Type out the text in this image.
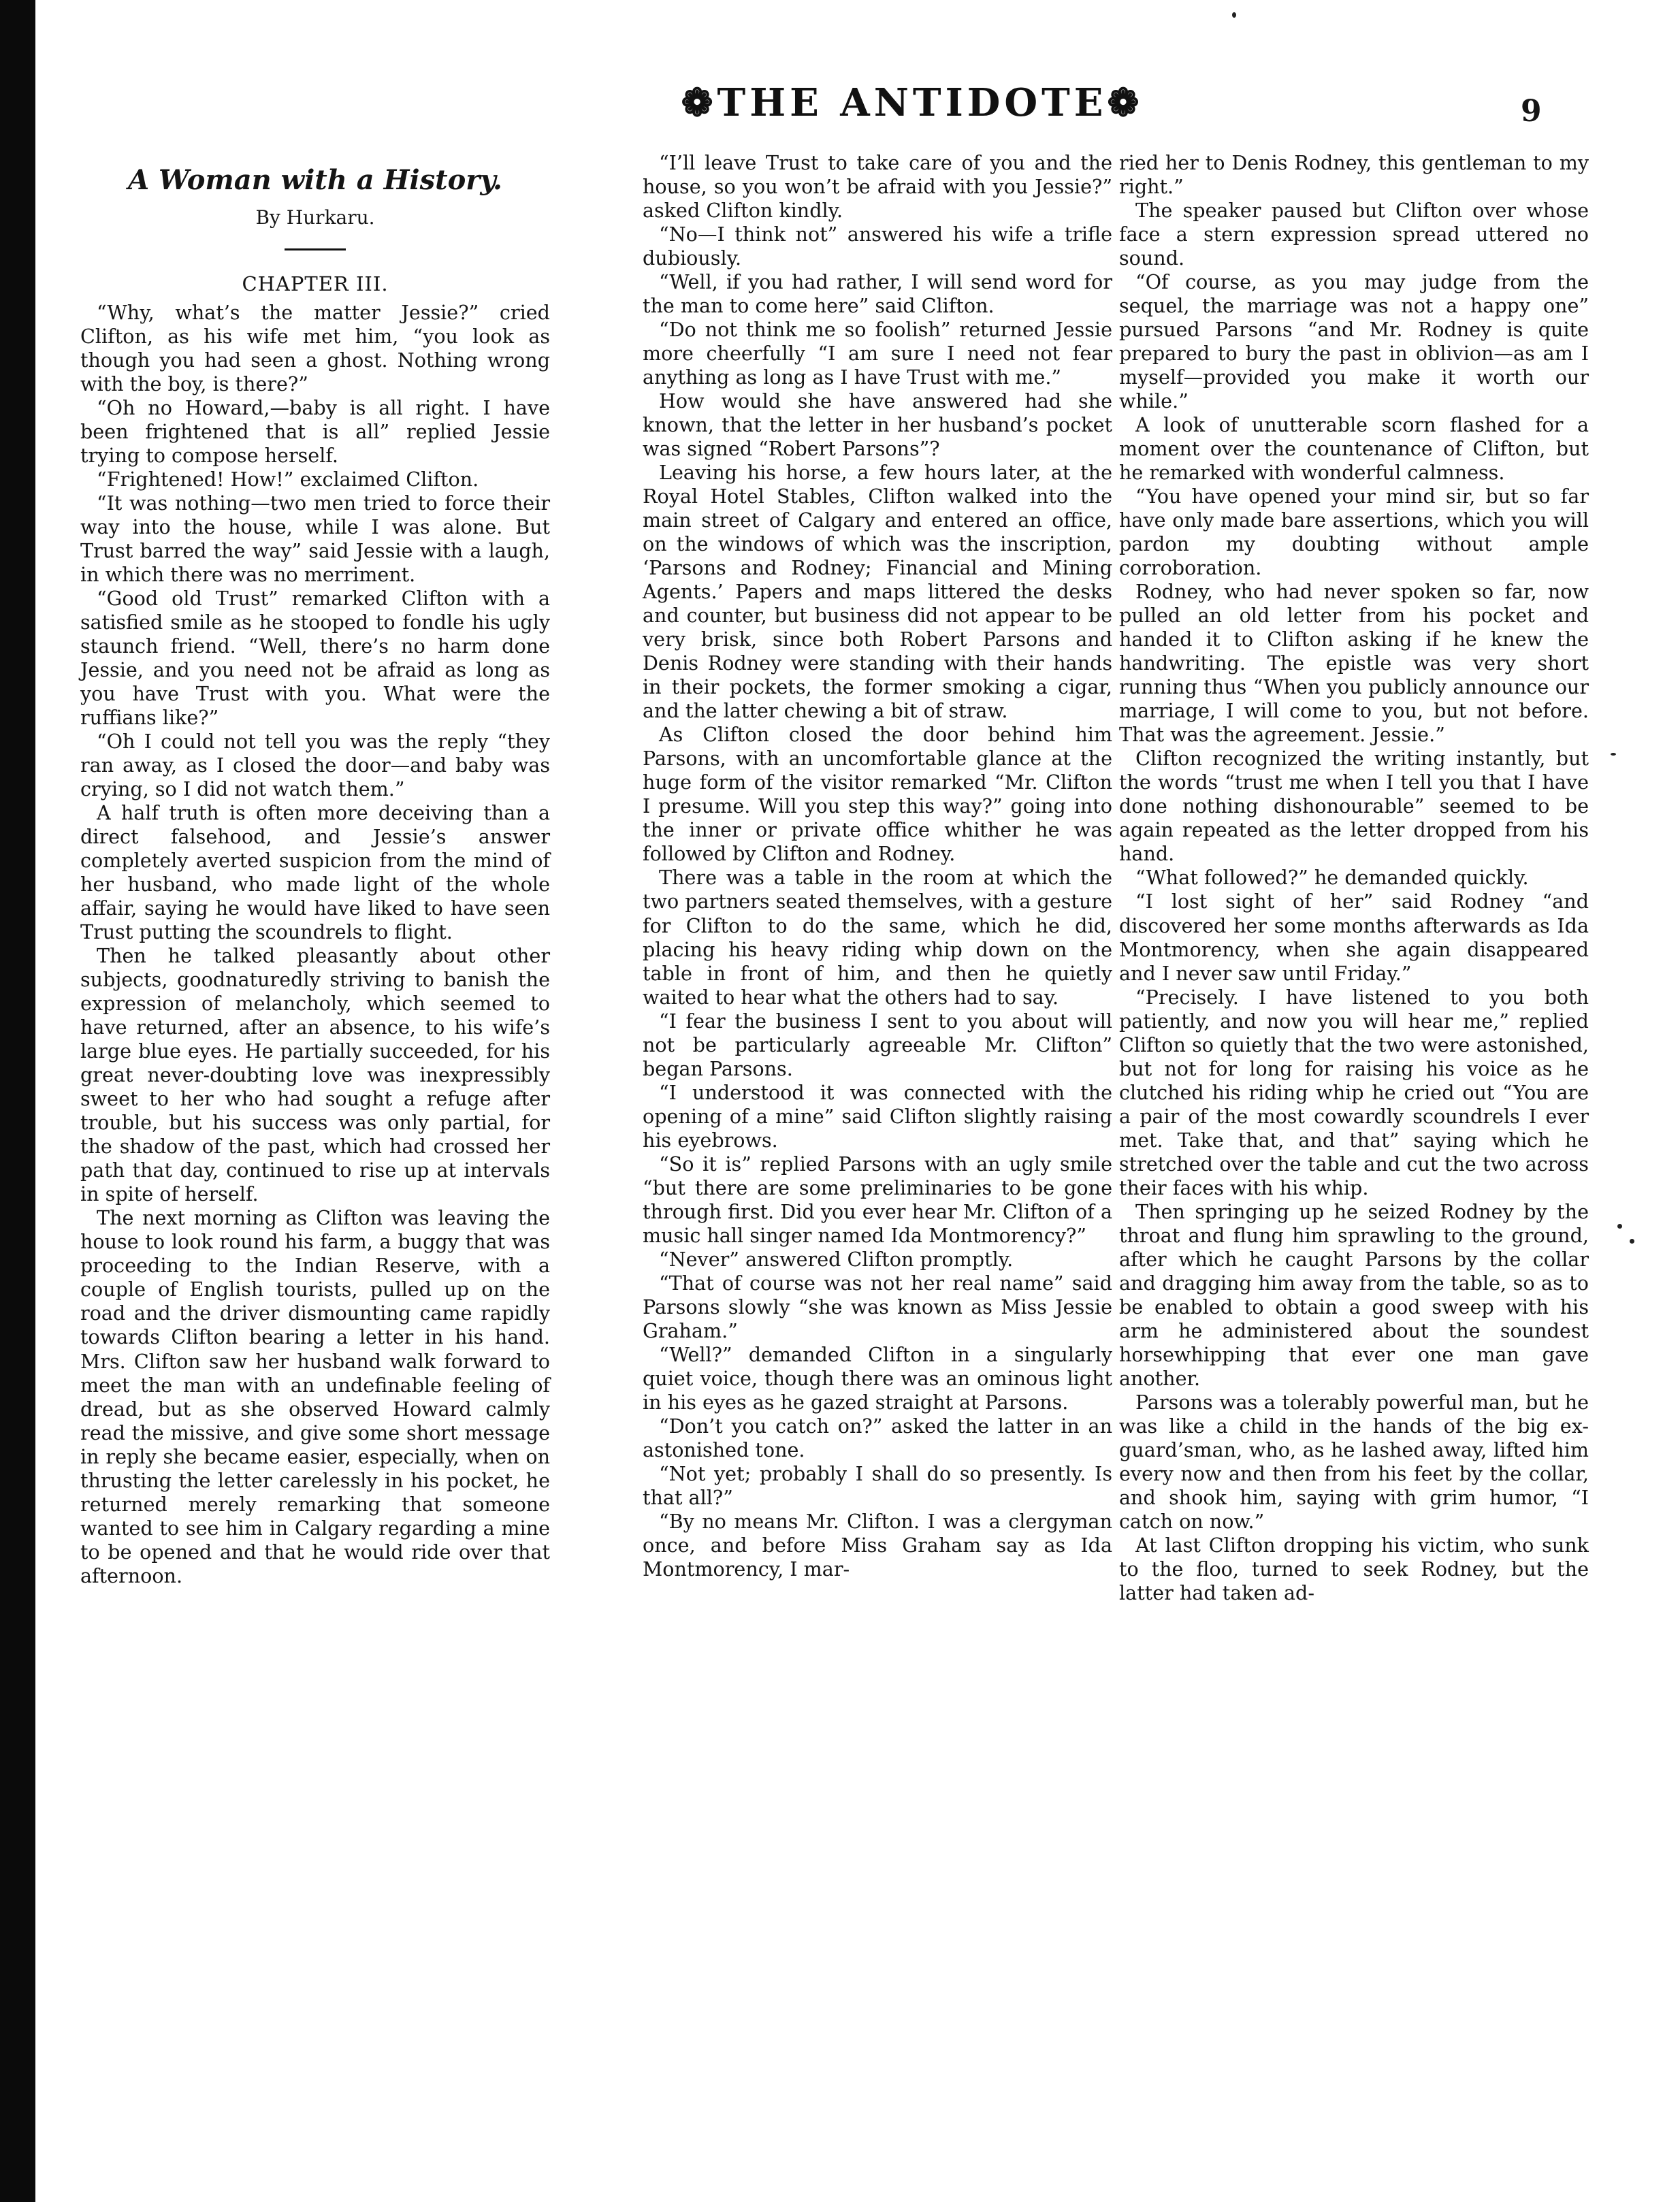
❁THE ANTIDOTE❁	9
A Woman with a History.
By Hurkaru.
CHAPTER III.

“Why, what’s the matter Jessie?” cried Clifton, as his wife met him, “you look as though you had seen a ghost. Nothing wrong with the boy, is there?”

“Oh no Howard,—baby is all right. I have been frightened that is all” replied Jessie trying to compose herself.

“Frightened! How!” exclaimed Clifton.

“It was nothing—two men tried to force their way into the house, while I was alone. But Trust barred the way” said Jessie with a laugh, in which there was no merriment.

“Good old Trust” remarked Clifton with a satisfied smile as he stooped to fondle his ugly staunch friend. “Well, there’s no harm done Jessie, and you need not be afraid as long as you have Trust with you. What were the ruffians like?”

“Oh I could not tell you was the reply “they ran away, as I closed the door—and baby was crying, so I did not watch them.”

A half truth is often more deceiving than a direct falsehood, and Jessie’s answer completely averted suspicion from the mind of her husband, who made light of the whole affair, saying he would have liked to have seen Trust putting the scoundrels to flight.

Then he talked pleasantly about other subjects, goodnaturedly striving to banish the expression of melancholy, which seemed to have returned, after an absence, to his wife’s large blue eyes. He partially succeeded, for his great never-doubting love was inexpressibly sweet to her who had sought a refuge after trouble, but his success was only partial, for the shadow of the past, which had crossed her path that day, continued to rise up at intervals in spite of herself.

The next morning as Clifton was leaving the house to look round his farm, a buggy that was proceeding to the Indian Reserve, with a couple of English tourists, pulled up on the road and the driver dismounting came rapidly towards Clifton bearing a letter in his hand. Mrs. Clifton saw her husband walk forward to meet the man with an undefinable feeling of dread, but as she observed Howard calmly read the missive, and give some short message in reply she became easier, especially, when on thrusting the letter carelessly in his pocket, he returned merely remarking that someone wanted to see him in Calgary regarding a mine to be opened and that he would ride over that afternoon.

“I’ll leave Trust to take care of you and the house, so you won’t be afraid with you Jessie?” asked Clifton kindly.

“No—I think not” answered his wife a trifle dubiously.

“Well, if you had rather, I will send word for the man to come here” said Clifton.

“Do not think me so foolish” returned Jessie more cheerfully “I am sure I need not fear anything as long as I have Trust with me.”

How would she have answered had she known, that the letter in her husband’s pocket was signed “Robert Parsons”?

Leaving his horse, a few hours later, at the Royal Hotel Stables, Clifton walked into the main street of Calgary and entered an office, on the windows of which was the inscription, ‘Parsons and Rodney; Financial and Mining Agents.’ Papers and maps littered the desks and counter, but business did not appear to be very brisk, since both Robert Parsons and Denis Rodney were standing with their hands in their pockets, the former smoking a cigar, and the latter chewing a bit of straw.

As Clifton closed the door behind him Parsons, with an uncomfortable glance at the huge form of the visitor remarked “Mr. Clifton I presume. Will you step this way?” going into the inner or private office whither he was followed by Clifton and Rodney.

There was a table in the room at which the two partners seated themselves, with a gesture for Clifton to do the same, which he did, placing his heavy riding whip down on the table in front of him, and then he quietly waited to hear what the others had to say.

“I fear the business I sent to you about will not be particularly agreeable Mr. Clifton” began Parsons.

“I understood it was connected with the opening of a mine” said Clifton slightly raising his eyebrows.

“So it is” replied Parsons with an ugly smile “but there are some preliminaries to be gone through first. Did you ever hear Mr. Clifton of a music hall singer named Ida Montmorency?”

“Never” answered Clifton promptly.

“That of course was not her real name” said Parsons slowly “she was known as Miss Jessie Graham.”

“Well?” demanded Clifton in a singularly quiet voice, though there was an ominous light in his eyes as he gazed straight at Parsons.

“Don’t you catch on?” asked the latter in an astonished tone.

“Not yet; probably I shall do so presently. Is that all?”

“By no means Mr. Clifton. I was a clergyman once, and before Miss Graham say as Ida Montmorency, I mar-

ried her to Denis Rodney, this gentleman to my right.”

The speaker paused but Clifton over whose face a stern expression spread uttered no sound.

“Of course, as you may judge from the sequel, the marriage was not a happy one” pursued Parsons “and Mr. Rodney is quite prepared to bury the past in oblivion—as am I myself—provided you make it worth our while.”

A look of unutterable scorn flashed for a moment over the countenance of Clifton, but he remarked with wonderful calmness.

“You have opened your mind sir, but so far have only made bare assertions, which you will pardon my doubting without ample corroboration.

Rodney, who had never spoken so far, now pulled an old letter from his pocket and handed it to Clifton asking if he knew the handwriting. The epistle was very short running thus “When you publicly announce our marriage, I will come to you, but not before. That was the agreement. Jessie.”

Clifton recognized the writing instantly, but the words “trust me when I tell you that I have done nothing dishonourable” seemed to be again repeated as the letter dropped from his hand.

“What followed?” he demanded quickly.

“I lost sight of her” said Rodney “and discovered her some months afterwards as Ida Montmorency, when she again disappeared and I never saw until Friday.”

“Precisely. I have listened to you both patiently, and now you will hear me,” replied Clifton so quietly that the two were astonished, but not for long for raising his voice as he clutched his riding whip he cried out “You are a pair of the most cowardly scoundrels I ever met. Take that, and that” saying which he stretched over the table and cut the two across their faces with his whip.

Then springing up he seized Rodney by the throat and flung him sprawling to the ground, after which he caught Parsons by the collar and dragging him away from the table, so as to be enabled to obtain a good sweep with his arm he administered about the soundest horsewhipping that ever one man gave another.

Parsons was a tolerably powerful man, but he was like a child in the hands of the big ex-guard’sman, who, as he lashed away, lifted him every now and then from his feet by the collar, and shook him, saying with grim humor, “I catch on now.”

At last Clifton dropping his victim, who sunk to the floo, turned to seek Rodney, but the latter had taken ad-
